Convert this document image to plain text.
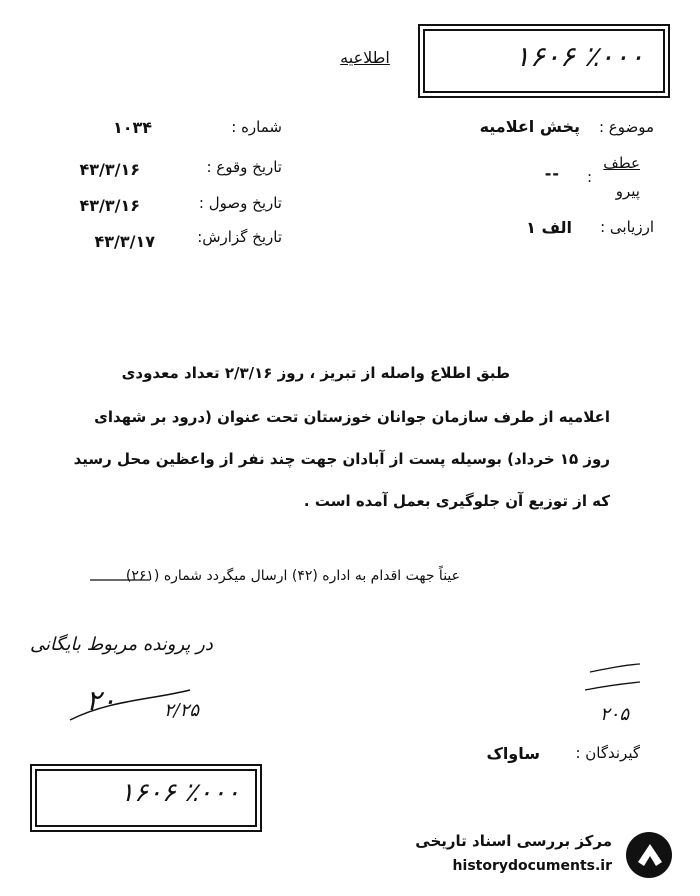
۱۶۰۶ ٪۰۰۰
اطلاعیه
شماره :
۱۰۳۴
تاریخ وقوع :
۴۳/۳/۱۶
تاریخ وصول :
۴۳/۳/۱۶
تاریخ گزارش:
۴۳/۳/۱۷
موضوع :
پخش اعلامیه
عطف
پیرو
:
--
ارزیابی :
الف ۱
طبق اطلاع واصله از تبریز ، روز ۲/۳/۱۶ تعداد معدودی
اعلامیه از طرف سازمان جوانان خوزستان تحت عنوان (درود بر شهدای
روز ۱۵ خرداد) بوسیله پست از آبادان جهت چند نفر از واعظین محل رسید
که از توزیع آن جلوگیری بعمل آمده است .
عیناً جهت اقدام به اداره (۴۲) ارسال میگردد شماره (۲۶۱)
در پرونده مربوط بایگانی
۲۰	۲/۲۵	۲۰۵
گیرندگان :
ساواک
۱۶۰۶ ٪۰۰۰
مرکز بررسی اسناد تاریخی
historydocuments.ir
